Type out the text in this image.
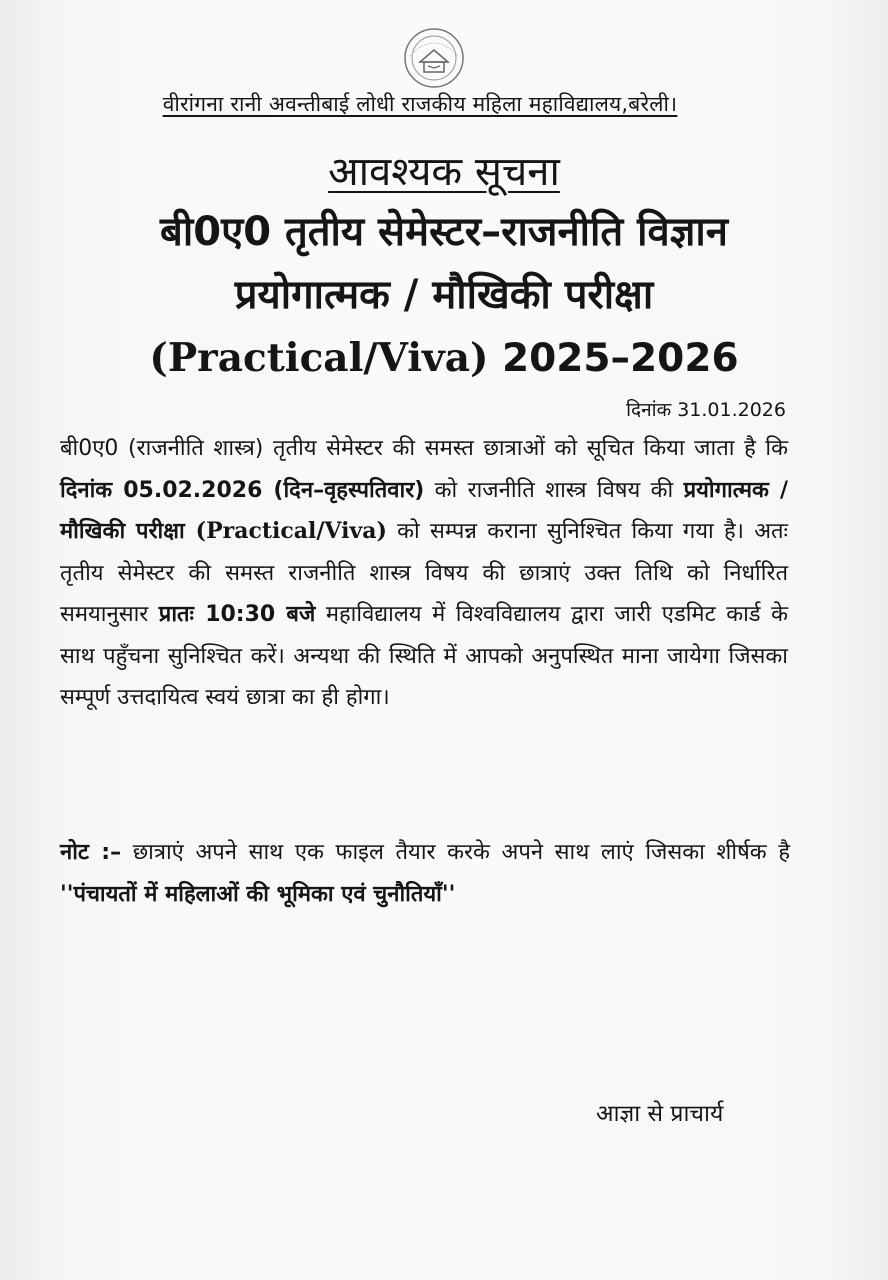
वीरांगना रानी अवन्तीबाई लोधी राजकीय महिला महाविद्यालय,बरेली।
आवश्यक सूचना
बी0ए0 तृतीय सेमेस्टर–राजनीति विज्ञान
प्रयोगात्मक / मौखिकी परीक्षा
(Practical/Viva) 2025–2026
दिनांक 31.01.2026
बी0ए0 (राजनीति शास्त्र) तृतीय सेमेस्टर की समस्त छात्राओं को सूचित किया जाता है कि दिनांक 05.02.2026 (दिन–वृहस्पतिवार) को राजनीति शास्त्र विषय की प्रयोगात्मक / मौखिकी परीक्षा (Practical/Viva) को सम्पन्न कराना सुनिश्चित किया गया है। अतः तृतीय सेमेस्टर की समस्त राजनीति शास्त्र विषय की छात्राएं उक्त तिथि को निर्धारित समयानुसार प्रातः 10:30 बजे महाविद्यालय में विश्वविद्यालय द्वारा जारी एडमिट कार्ड के साथ पहुँचना सुनिश्चित करें। अन्यथा की स्थिति में आपको अनुपस्थित माना जायेगा जिसका सम्पूर्ण उत्तदायित्व स्वयं छात्रा का ही होगा।
नोट :– छात्राएं अपने साथ एक फाइल तैयार करके अपने साथ लाएं जिसका शीर्षक है ''पंचायतों में महिलाओं की भूमिका एवं चुनौतियाँ''
आज्ञा से प्राचार्य
